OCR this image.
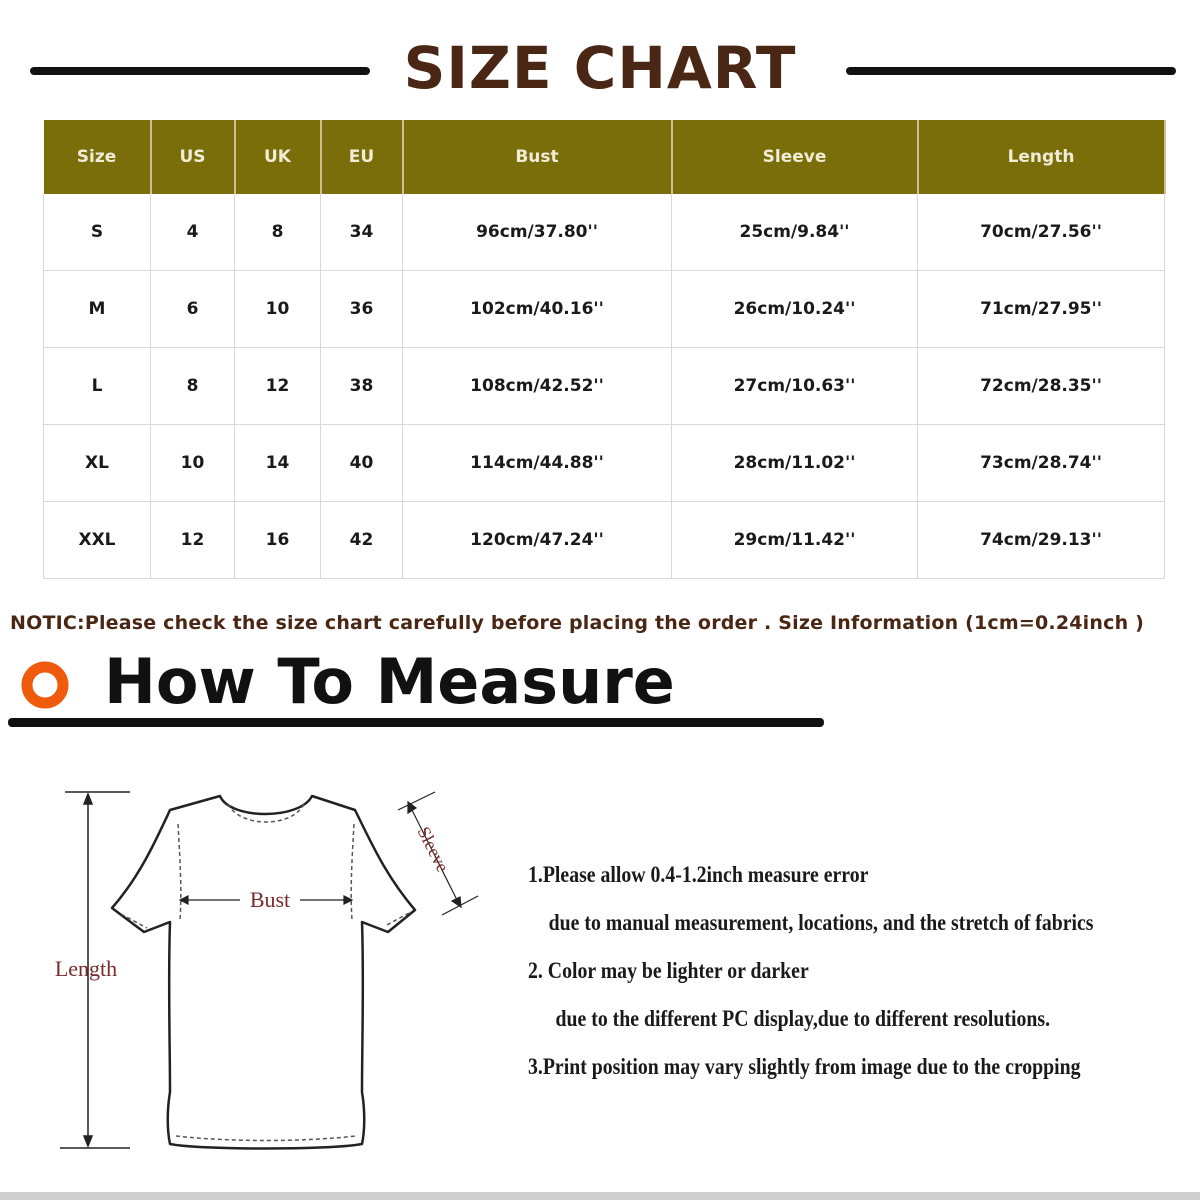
SIZE CHART
Size	US	UK	EU	Bust	Sleeve	Length
S	4	8	34	96cm/37.80''	25cm/9.84''	70cm/27.56''
M	6	10	36	102cm/40.16''	26cm/10.24''	71cm/27.95''
L	8	12	38	108cm/42.52''	27cm/10.63''	72cm/28.35''
XL	10	14	40	114cm/44.88''	28cm/11.02''	73cm/28.74''
XXL	12	16	42	120cm/47.24''	29cm/11.42''	74cm/29.13''
NOTIC:Please check the size chart carefully before placing the order . Size Information (1cm=0.24inch )
How To Measure
Bust
Length
Sleeve	1.Please allow 0.4-1.2inch measure error
due to manual measurement, locations, and the stretch of fabrics
2. Color may be lighter or darker
due to the different PC display,due to different resolutions.
3.Print position may vary slightly from image due to the cropping
